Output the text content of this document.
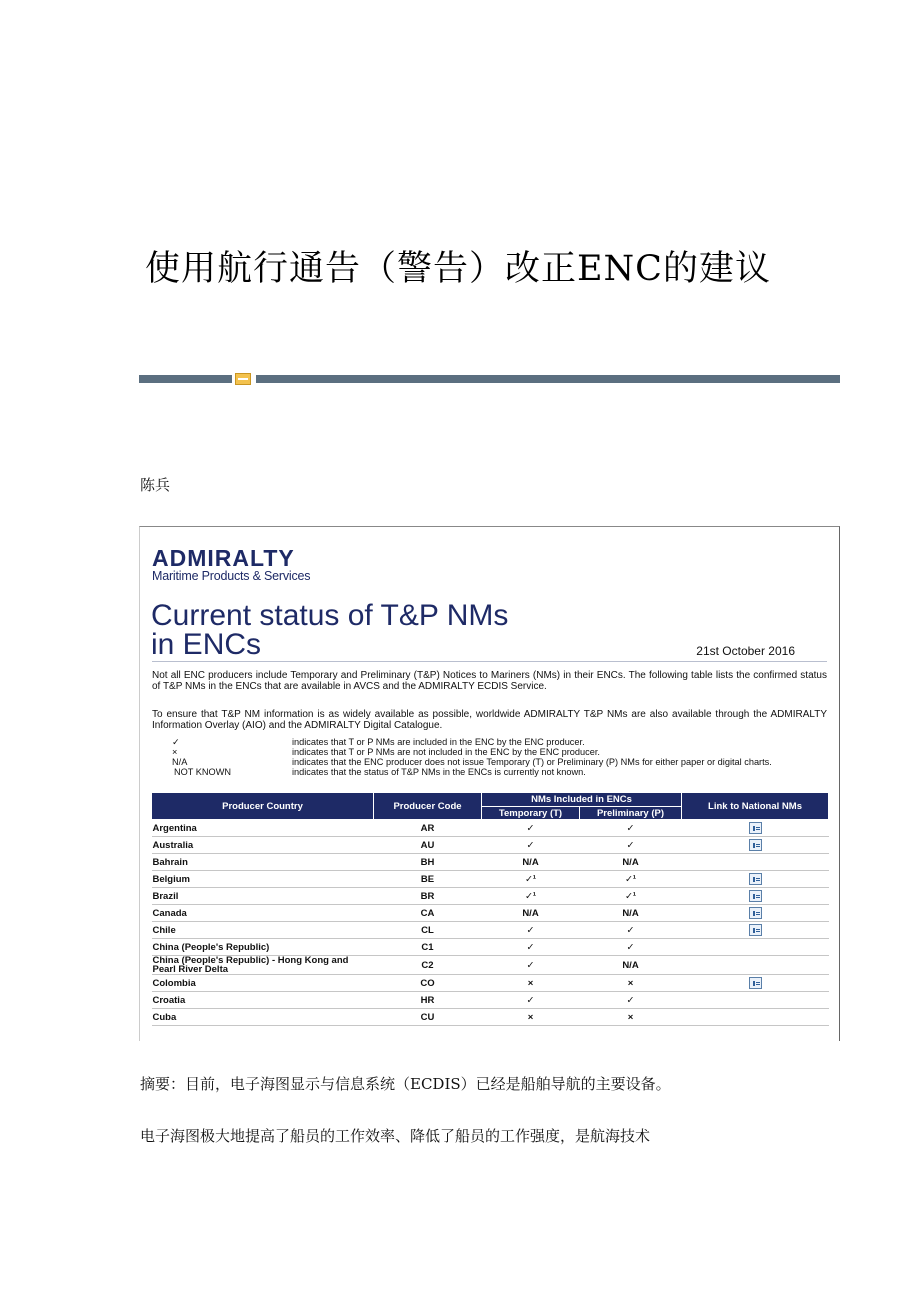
使用航行通告（警告）改正ENC的建议
陈兵
ADMIRALTY
Maritime Products & Services
Current status of T&P NMs
in ENCs	21st October 2016
Not all ENC producers include Temporary and Preliminary (T&P) Notices to Mariners (NMs) in their ENCs. The following table lists the confirmed status of T&P NMs in the ENCs that are available in AVCS and the ADMIRALTY ECDIS Service.
To ensure that T&P NM information is as widely available as possible, worldwide ADMIRALTY T&P NMs are also available through the ADMIRALTY Information Overlay (AIO) and the ADMIRALTY Digital Catalogue.
✓	indicates that T or P NMs are included in the ENC by the ENC producer.
×	indicates that T or P NMs are not included in the ENC by the ENC producer.
N/A	indicates that the ENC producer does not issue Temporary (T) or Preliminary (P) NMs for either paper or digital charts.
NOT KNOWN	indicates that the status of T&P NMs in the ENCs is currently not known.
Producer Country	Producer Code	NMs Included in ENCs		Link to National NMs
		Temporary (T)	Preliminary (P)	
Argentina	AR	✓	✓	
Australia	AU	✓	✓	
Bahrain	BH	N/A	N/A	
Belgium	BE	✓¹	✓¹	
Brazil	BR	✓¹	✓¹	
Canada	CA	N/A	N/A	
Chile	CL	✓	✓	
China (People's Republic)	C1	✓	✓	
China (People's Republic) - Hong Kong and Pearl River Delta	C2	✓	N/A	
Colombia	CO	×	×	
Croatia	HR	✓	✓	
Cuba	CU	×	×	
摘要：目前，电子海图显示与信息系统（ECDIS）已经是船舶导航的主要设备。
电子海图极大地提高了船员的工作效率、降低了船员的工作强度，是航海技术
